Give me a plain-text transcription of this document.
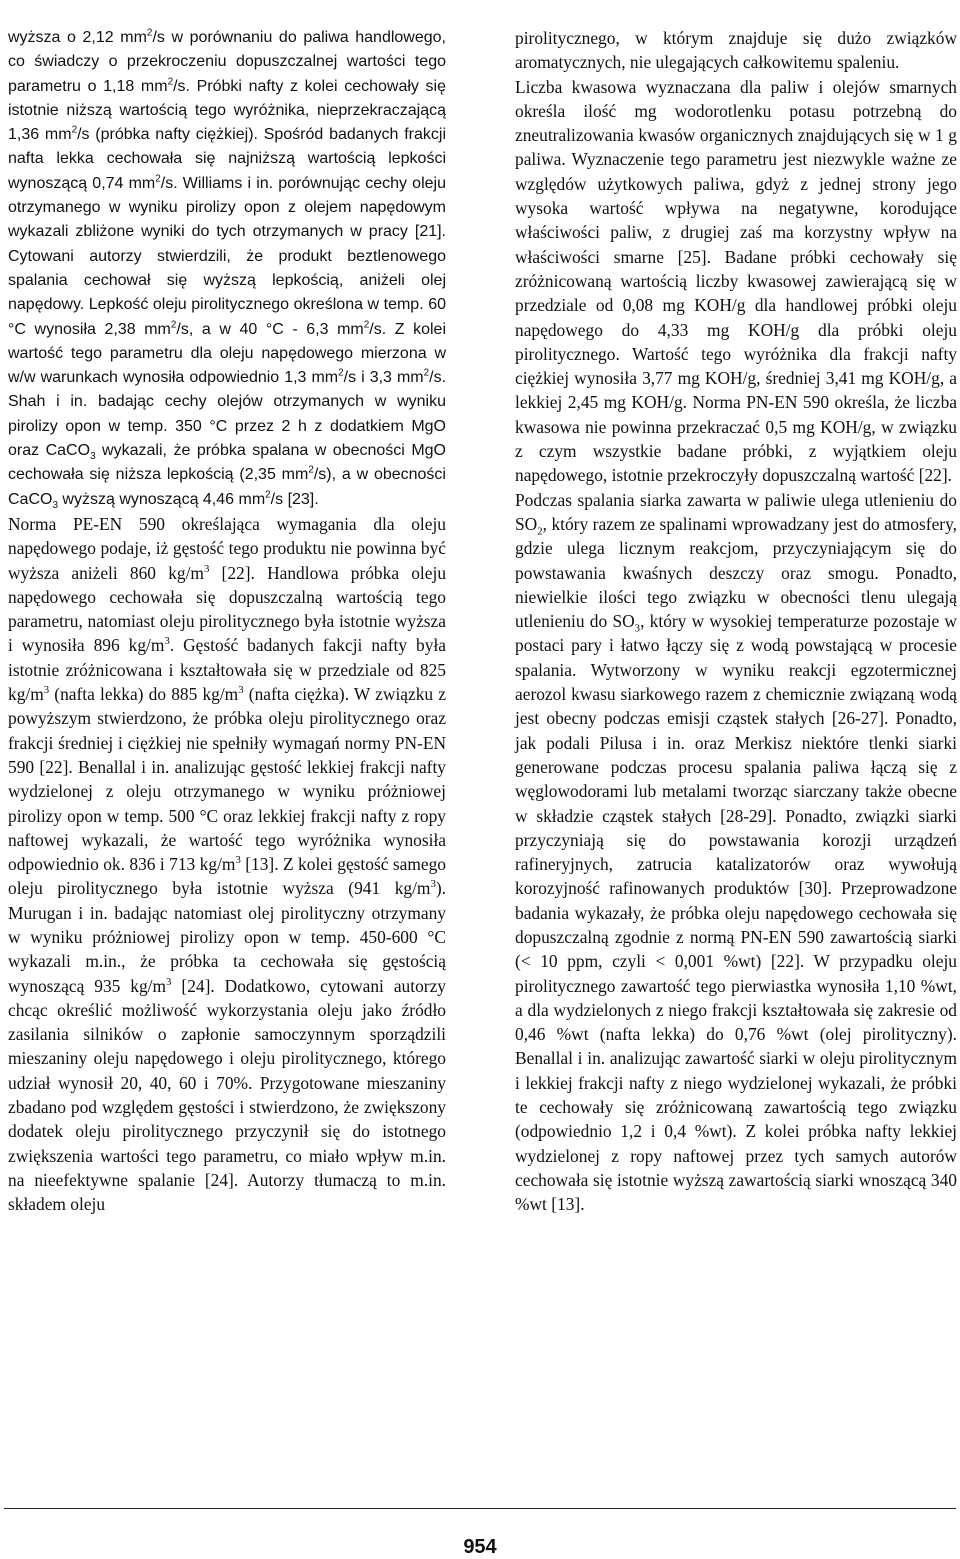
wyższa o 2,12 $mm^2/s$ w porównaniu do paliwa handlowego, co świadczy o przekroczeniu dopuszczalnej wartości tego parametru o 1,18 $mm^2/s$. Próbki nafty z kolei cechowały się istotnie niższą wartością tego wyróżnika, nieprzekraczającą 1,36 $mm^2/s$ (próbka nafty ciężkiej). Spośród badanych frakcji nafta lekka cechowała się najniższą wartością lepkości wynoszącą 0,74 $mm^2/s$. Williams i in. porównując cechy oleju otrzymanego w wyniku pirolizy opon z olejem napędowym wykazali zbliżone wyniki do tych otrzymanych w pracy [21]. Cytowani autorzy stwierdzili, że produkt beztlenowego spalania cechował się wyższą lepkością, aniżeli olej napędowy. Lepkość oleju pirolitycznego określona w temp. 60 °C wynosiła 2,38 $mm^2/s$, a w 40 °C - 6,3 $mm^2/s$. Z kolei wartość tego parametru dla oleju napędowego mierzona w w/w warunkach wynosiła odpowiednio 1,3 $mm^2/s$ i 3,3 $mm^2/s$. Shah i in. badając cechy olejów otrzymanych w wyniku pirolizy opon w temp. 350 °C przez 2 h z dodatkiem MgO oraz CaCO$_3$ wykazali, że próbka spalana w obecności MgO cechowała się niższa lepkością (2,35 $mm^2/s$), a w obecności CaCO$_3$ wyższą wynoszącą 4,46 $mm^2/s$ [23].

Norma PE-EN 590 określająca wymagania dla oleju napędowego podaje, iż gęstość tego produktu nie powinna być wyższa aniżeli 860 $kg/m^3$ [22]. Handlowa próbka oleju napędowego cechowała się dopuszczalną wartością tego parametru, natomiast oleju pirolitycznego była istotnie wyższa i wynosiła 896 $kg/m^3$. Gęstość badanych fakcji nafty była istotnie zróżnicowana i kształtowała się w przedziale od 825 $kg/m^3$ (nafta lekka) do 885 $kg/m^3$ (nafta ciężka). W związku z powyższym stwierdzono, że próbka oleju pirolitycznego oraz frakcji średniej i ciężkiej nie spełniły wymagań normy PN-EN 590 [22]. Benallal i in. analizując gęstość lekkiej frakcji nafty wydzielonej z oleju otrzymanego w wyniku próżniowej pirolizy opon w temp. 500 °C oraz lekkiej frakcji nafty z ropy naftowej wykazali, że wartość tego wyróżnika wynosiła odpowiednio ok. 836 i 713 $kg/m^3$ [13]. Z kolei gęstość samego oleju pirolitycznego była istotnie wyższa (941 $kg/m^3$). Murugan i in. badając natomiast olej pirolityczny otrzymany w wyniku próżniowej pirolizy opon w temp. 450-600 °C wykazali m.in., że próbka ta cechowała się gęstością wynoszącą 935 $kg/m^3$ [24]. Dodatkowo, cytowani autorzy chcąc określić możliwość wykorzystania oleju jako źródło zasilania silników o zapłonie samoczynnym sporządzili mieszaniny oleju napędowego i oleju pirolitycznego, którego udział wynosił 20, 40, 60 i 70%. Przygotowane mieszaniny zbadano pod względem gęstości i stwierdzono, że zwiększony dodatek oleju pirolitycznego przyczynił się do istotnego zwiększenia wartości tego parametru, co miało wpływ m.in. na nieefektywne spalanie [24]. Autorzy tłumaczą to m.in. składem oleju

pirolitycznego, w którym znajduje się dużo związków aromatycznych, nie ulegających całkowitemu spaleniu.

Liczba kwasowa wyznaczana dla paliw i olejów smarnych określa ilość mg wodorotlenku potasu potrzebną do zneutralizowania kwasów organicznych znajdujących się w 1 g paliwa. Wyznaczenie tego parametru jest niezwykle ważne ze względów użytkowych paliwa, gdyż z jednej strony jego wysoka wartość wpływa na negatywne, korodujące właściwości paliw, z drugiej zaś ma korzystny wpływ na właściwości smarne [25]. Badane próbki cechowały się zróżnicowaną wartością liczby kwasowej zawierającą się w przedziale od 0,08 mg KOH/g dla handlowej próbki oleju napędowego do 4,33 mg KOH/g dla próbki oleju pirolitycznego. Wartość tego wyróżnika dla frakcji nafty ciężkiej wynosiła 3,77 mg KOH/g, średniej 3,41 mg KOH/g, a lekkiej 2,45 mg KOH/g. Norma PN-EN 590 określa, że liczba kwasowa nie powinna przekraczać 0,5 mg KOH/g, w związku z czym wszystkie badane próbki, z wyjątkiem oleju napędowego, istotnie przekroczyły dopuszczalną wartość [22].

Podczas spalania siarka zawarta w paliwie ulega utlenieniu do $SO_2$, który razem ze spalinami wprowadzany jest do atmosfery, gdzie ulega licznym reakcjom, przyczyniającym się do powstawania kwaśnych deszczy oraz smogu. Ponadto, niewielkie ilości tego związku w obecności tlenu ulegają utlenieniu do $SO_3$, który w wysokiej temperaturze pozostaje w postaci pary i łatwo łączy się z wodą powstającą w procesie spalania. Wytworzony w wyniku reakcji egzotermicznej aerozol kwasu siarkowego razem z chemicznie związaną wodą jest obecny podczas emisji cząstek stałych [26-27]. Ponadto, jak podali Pilusa i in. oraz Merkisz niektóre tlenki siarki generowane podczas procesu spalania paliwa łączą się z węglowodorami lub metalami tworząc siarczany także obecne w składzie cząstek stałych [28-29]. Ponadto, związki siarki przyczyniają się do powstawania korozji urządzeń rafineryjnych, zatrucia katalizatorów oraz wywołują korozyjność rafinowanych produktów [30]. Przeprowadzone badania wykazały, że próbka oleju napędowego cechowała się dopuszczalną zgodnie z normą PN-EN 590 zawartością siarki (< 10 ppm, czyli < 0,001 %wt) [22]. W przypadku oleju pirolitycznego zawartość tego pierwiastka wynosiła 1,10 %wt, a dla wydzielonych z niego frakcji kształtowała się zakresie od 0,46 %wt (nafta lekka) do 0,76 %wt (olej pirolityczny). Benallal i in. analizując zawartość siarki w oleju pirolitycznym i lekkiej frakcji nafty z niego wydzielonej wykazali, że próbki te cechowały się zróżnicowaną zawartością tego związku (odpowiednio 1,2 i 0,4 %wt). Z kolei próbka nafty lekkiej wydzielonej z ropy naftowej przez tych samych autorów cechowała się istotnie wyższą zawartością siarki wnoszącą 340 %wt [13].

954
